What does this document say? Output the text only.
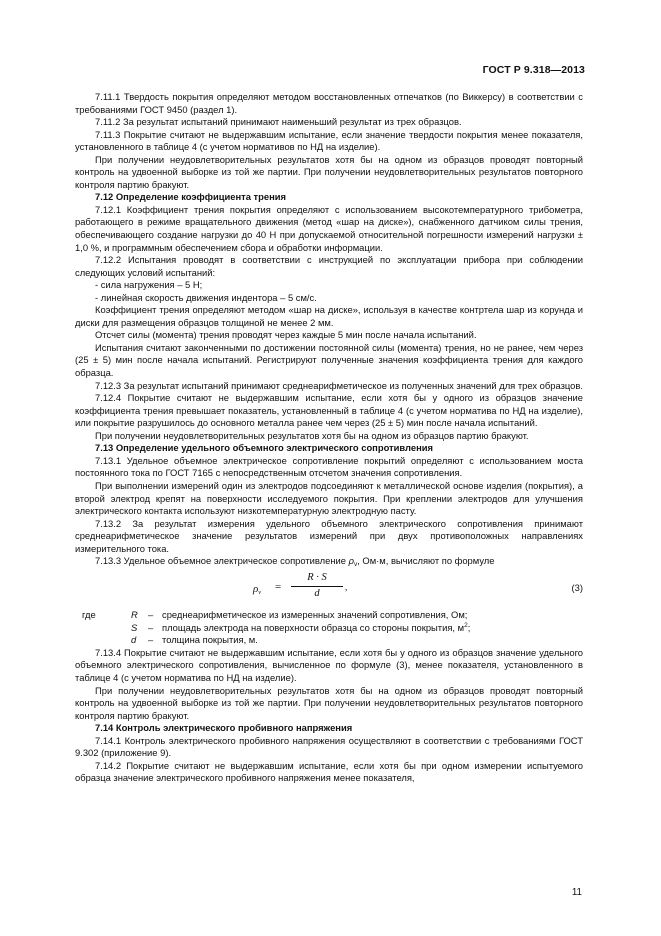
ГОСТ Р 9.318—2013

7.11.1 Твердость покрытия определяют методом восстановленных отпечатков (по Виккерсу) в соответствии с требованиями ГОСТ 9450 (раздел 1).

7.11.2 За результат испытаний принимают наименьший результат из трех образцов.

7.11.3 Покрытие считают не выдержавшим испытание, если значение твердости покрытия менее показателя, установленного в таблице 4 (с учетом нормативов по НД на изделие).

При получении неудовлетворительных результатов хотя бы на одном из образцов проводят повторный контроль на удвоенной выборке из той же партии. При получении неудовлетворительных результатов повторного контроля партию бракуют.

7.12 Определение коэффициента трения

7.12.1 Коэффициент трения покрытия определяют с использованием высокотемпературного трибометра, работающего в режиме вращательного движения (метод «шар на диске»), снабженного датчиком силы трения, обеспечивающего создание нагрузки до 40 Н при допускаемой относительной погрешности измерений нагрузки ± 1,0 %, и программным обеспечением сбора и обработки информации.

7.12.2 Испытания проводят в соответствии с инструкцией по эксплуатации прибора при соблюдении следующих условий испытаний:

- сила нагружения – 5 Н;

- линейная скорость движения индентора – 5 см/с.

Коэффициент трения определяют методом «шар на диске», используя в качестве контртела шар из корунда и диски для размещения образцов толщиной не менее 2 мм.

Отсчет силы (момента) трения проводят через каждые 5 мин после начала испытаний.

Испытания считают законченными по достижении постоянной силы (момента) трения, но не ранее, чем через (25 ± 5) мин после начала испытаний. Регистрируют полученные значения коэффициента трения для каждого образца.

7.12.3 За результат испытаний принимают среднеарифметическое из полученных значений для трех образцов.

7.12.4 Покрытие считают не выдержавшим испытание, если хотя бы у одного из образцов значение коэффициента трения превышает показатель, установленный в таблице 4 (с учетом норматива по НД на изделие), или покрытие разрушилось до основного металла ранее чем через (25 ± 5) мин после начала испытаний.

При получении неудовлетворительных результатов хотя бы на одном из образцов партию бракуют.

7.13 Определение удельного объемного электрического сопротивления

7.13.1 Удельное объемное электрическое сопротивление покрытий определяют с использованием моста постоянного тока по ГОСТ 7165 с непосредственным отсчетом значения сопротивления.

При выполнении измерений один из электродов подсоединяют к металлической основе изделия (покрытия), а второй электрод крепят на поверхности исследуемого покрытия. При креплении электродов для улучшения электрического контакта используют низкотемпературную электродную пасту.

7.13.2 За результат измерения удельного объемного электрического сопротивления принимают среднеарифметическое значение результатов измерений при двух противоположных направлениях измерительного тока.

7.13.3 Удельное объемное электрическое сопротивление $\rho_v$, Ом·м, вычисляют по формуле

$\rho_v = \frac{R \cdot S}{d}$ ,	(3)
где	R – среднеарифметическое из измеренных значений сопротивления, Ом;
S – площадь электрода на поверхности образца со стороны покрытия, $м^2$;
d – толщина покрытия, м.

7.13.4 Покрытие считают не выдержавшим испытание, если хотя бы у одного из образцов значение удельного объемного электрического сопротивления, вычисленное по формуле (3), менее показателя, установленного в таблице 4 (с учетом норматива по НД на изделие).

При получении неудовлетворительных результатов хотя бы на одном из образцов проводят повторный контроль на удвоенной выборке из той же партии. При получении неудовлетворительных результатов повторного контроля партию бракуют.

7.14 Контроль электрического пробивного напряжения

7.14.1 Контроль электрического пробивного напряжения осуществляют в соответствии с требованиями ГОСТ 9.302 (приложение 9).

7.14.2 Покрытие считают не выдержавшим испытание, если хотя бы при одном измерении испытуемого образца значение электрического пробивного напряжения менее показателя,

11
